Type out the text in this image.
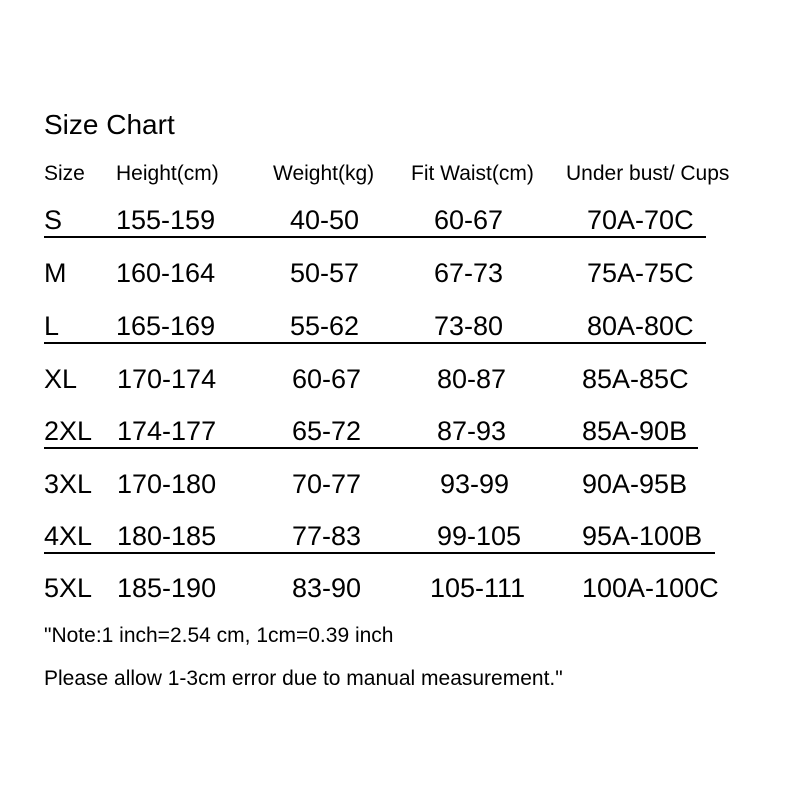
Size Chart
Size Height(cm)	Weight(kg) Fit Waist(cm) Under bust/ Cups
S 155-159	40-50	60-67	70A-70C
M 160-164	50-57	67-73	75A-75C
L 165-169	55-62	73-80	80A-80C
XL 170-174	60-67	80-87	85A-85C
2XL 174-177	65-72	87-93	85A-90B
3XL 170-180	70-77	93-99	90A-95B
4XL 180-185	77-83	99-105 95A-100B
5XL 185-190	83-90	105-111 100A-100C
"Note:1 inch=2.54 cm, 1cm=0.39 inch
Please allow 1-3cm error due to manual measurement."
